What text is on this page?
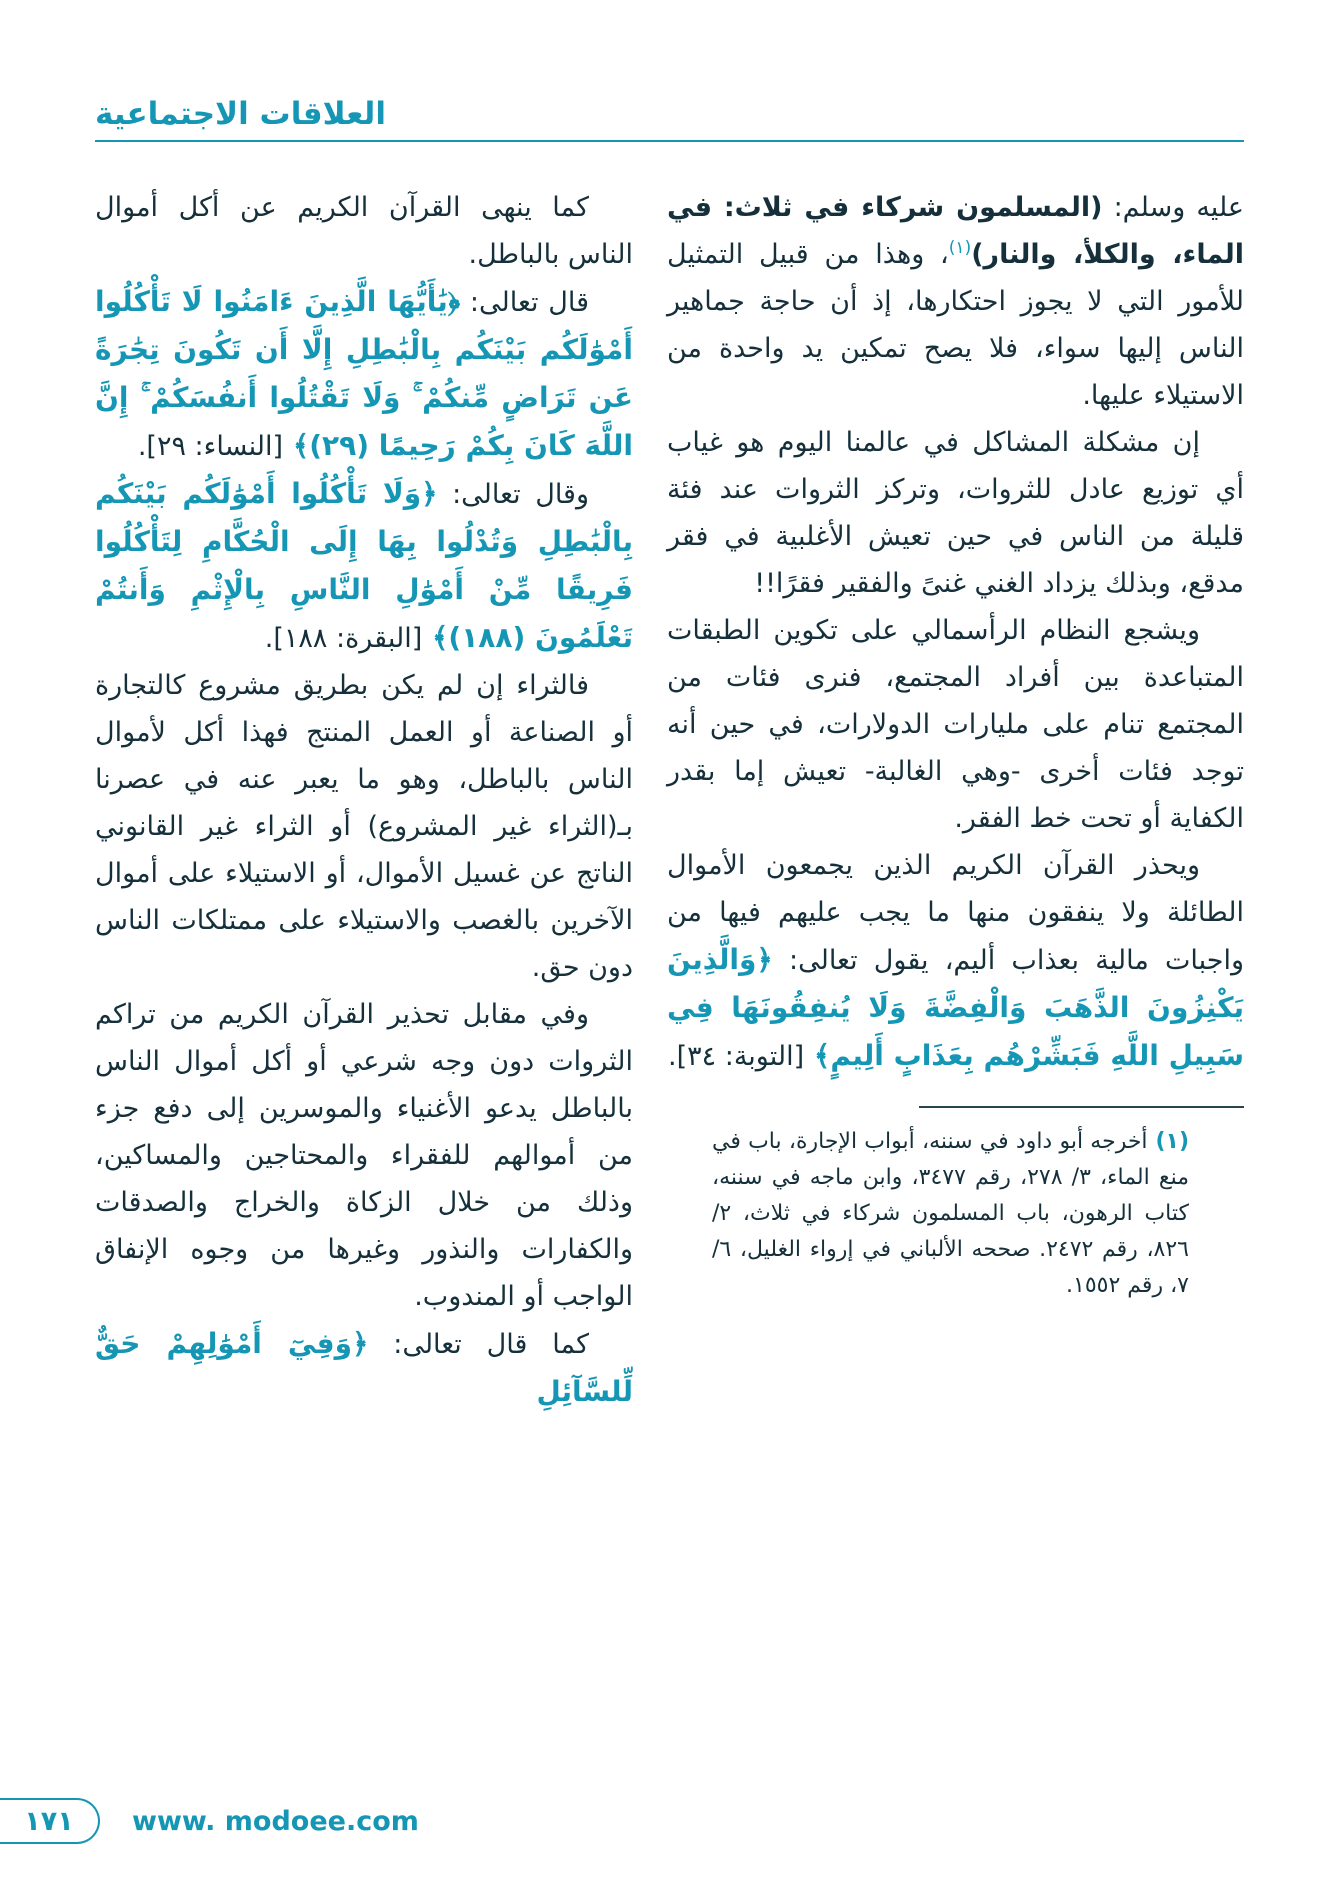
العلاقات الاجتماعية

عليه وسلم: (المسلمون شركاء في ثلاث: في الماء، والكلأ، والنار)$^{(١)}$، وهذا من قبيل التمثيل للأمور التي لا يجوز احتكارها، إذ أن حاجة جماهير الناس إليها سواء، فلا يصح تمكين يد واحدة من الاستيلاء عليها.

إن مشكلة المشاكل في عالمنا اليوم هو غياب أي توزيع عادل للثروات، وتركز الثروات عند فئة قليلة من الناس في حين تعيش الأغلبية في فقر مدقع، وبذلك يزداد الغني غنىً والفقير فقرًا!!

ويشجع النظام الرأسمالي على تكوين الطبقات المتباعدة بين أفراد المجتمع، فنرى فئات من المجتمع تنام على مليارات الدولارات، في حين أنه توجد فئات أخرى -وهي الغالبة- تعيش إما بقدر الكفاية أو تحت خط الفقر.

ويحذر القرآن الكريم الذين يجمعون الأموال الطائلة ولا ينفقون منها ما يجب عليهم فيها من واجبات مالية بعذاب أليم، يقول تعالى: ﴿وَالَّذِينَ يَكْنِزُونَ الذَّهَبَ وَالْفِضَّةَ وَلَا يُنفِقُونَهَا فِي سَبِيلِ اللَّهِ فَبَشِّرْهُم بِعَذَابٍ أَلِيمٍ﴾ [التوبة: ٣٤].

(١) أخرجه أبو داود في سننه، أبواب الإجارة، باب في منع الماء، ٣/ ٢٧٨، رقم ٣٤٧٧، وابن ماجه في سننه، كتاب الرهون، باب المسلمون شركاء في ثلاث، ٢/ ٨٢٦، رقم ٢٤٧٢. صححه الألباني في إرواء الغليل، ٦/ ٧، رقم ١٥٥٢.

كما ينهى القرآن الكريم عن أكل أموال الناس بالباطل.

قال تعالى: ﴿يَٰأَيُّهَا الَّذِينَ ءَامَنُوا لَا تَأْكُلُوا أَمْوَٰلَكُم بَيْنَكُم بِالْبَٰطِلِ إِلَّا أَن تَكُونَ تِجَٰرَةً عَن تَرَاضٍ مِّنكُمْ ۚ وَلَا تَقْتُلُوا أَنفُسَكُمْ ۚ إِنَّ اللَّهَ كَانَ بِكُمْ رَحِيمًا (٢٩)﴾ [النساء: ٢٩].

وقال تعالى: ﴿وَلَا تَأْكُلُوا أَمْوَٰلَكُم بَيْنَكُم بِالْبَٰطِلِ وَتُدْلُوا بِهَا إِلَى الْحُكَّامِ لِتَأْكُلُوا فَرِيقًا مِّنْ أَمْوَٰلِ النَّاسِ بِالْإِثْمِ وَأَنتُمْ تَعْلَمُونَ (١٨٨)﴾ [البقرة: ١٨٨].

فالثراء إن لم يكن بطريق مشروع كالتجارة أو الصناعة أو العمل المنتج فهذا أكل لأموال الناس بالباطل، وهو ما يعبر عنه في عصرنا بـ(الثراء غير المشروع) أو الثراء غير القانوني الناتج عن غسيل الأموال، أو الاستيلاء على أموال الآخرين بالغصب والاستيلاء على ممتلكات الناس دون حق.

وفي مقابل تحذير القرآن الكريم من تراكم الثروات دون وجه شرعي أو أكل أموال الناس بالباطل يدعو الأغنياء والموسرين إلى دفع جزء من أموالهم للفقراء والمحتاجين والمساكين، وذلك من خلال الزكاة والخراج والصدقات والكفارات والنذور وغيرها من وجوه الإنفاق الواجب أو المندوب.

كما قال تعالى: ﴿وَفِيٓ أَمْوَٰلِهِمْ حَقٌّ لِّلسَّآئِلِ

١٧١ www. modoee.com
